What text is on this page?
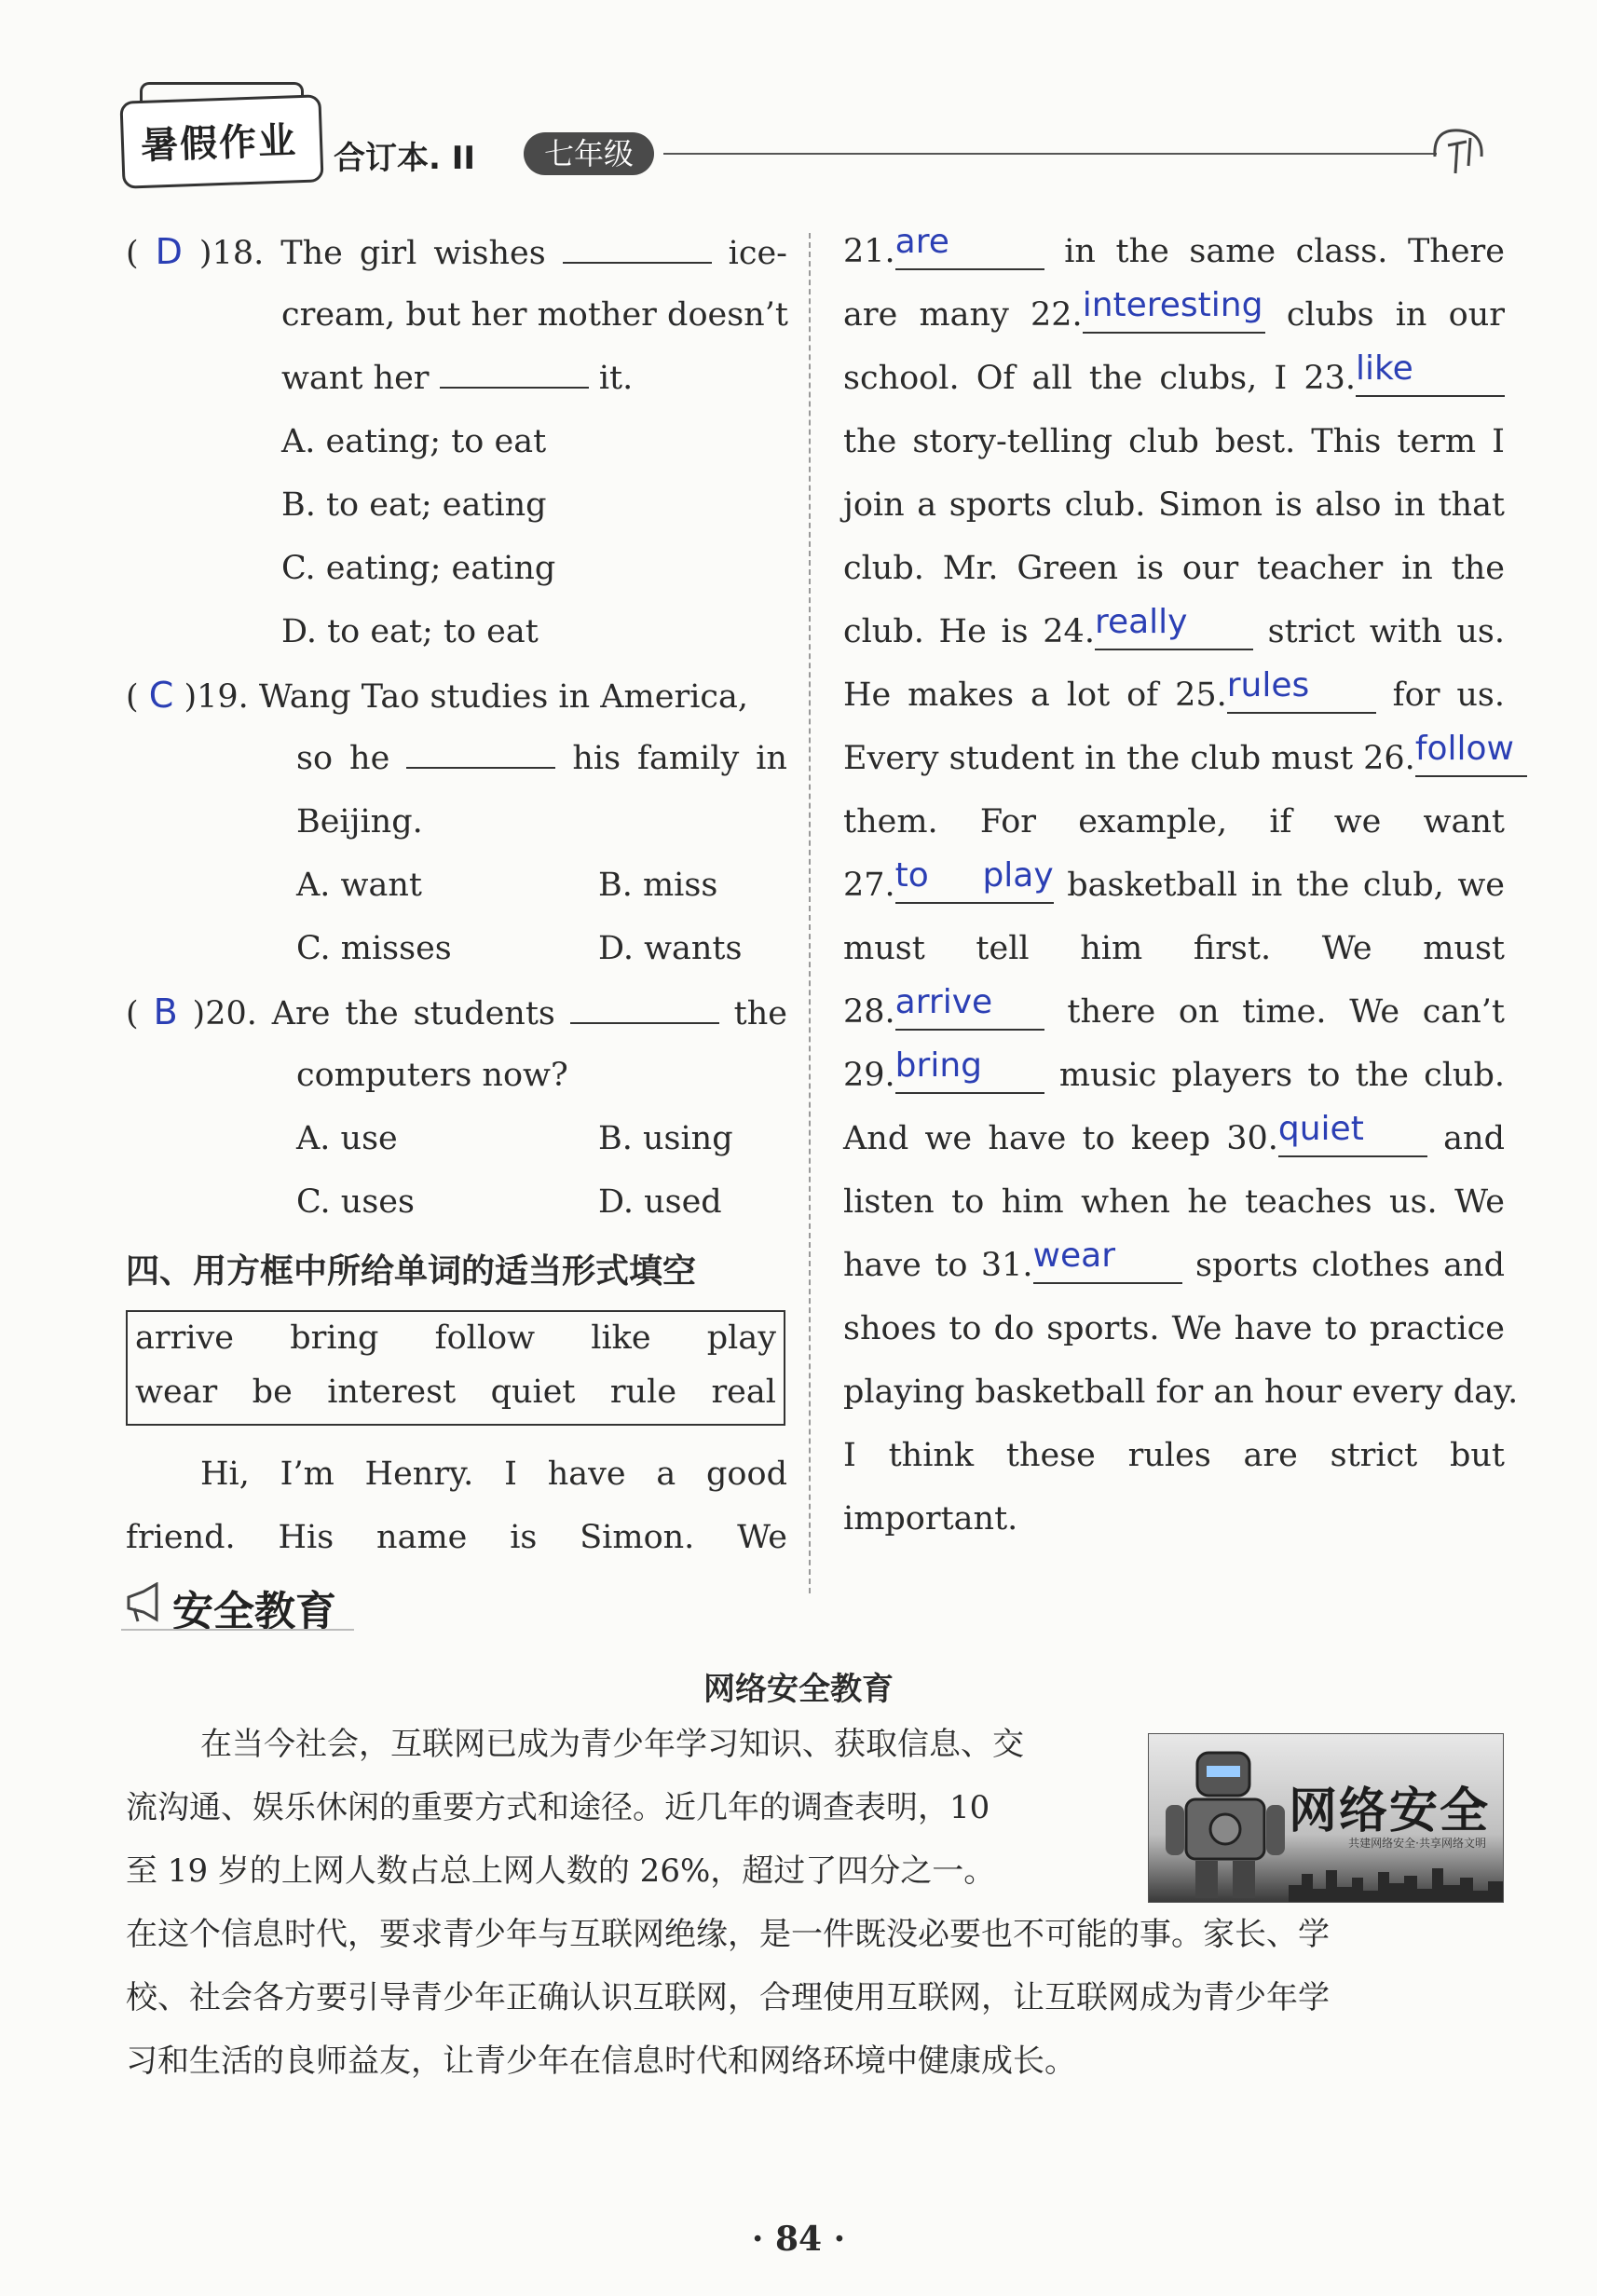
暑假作业 合订本. II	七年级
( D )18. The girl wishes	ice-
cream, but her mother doesn’t
want her	it.
A. eating; to eat
B. to eat; eating
C. eating; eating
D. to eat; to eat
( C )19. Wang Tao studies in America,
so he	his family in
Beijing.
A. want	B. miss
C. misses	D. wants
( B )20. Are the students	the
computers now?
A. use	B. using
C. uses	D. used
四、用方框中所给单词的适当形式填空
arrive bring follow like play
wear be interest quiet rule real
Hi, I’m Henry. I have a good
friend. His name is Simon. We
21.are	in the same class. There
are many 22.interesting clubs in our
school. Of all the clubs, I 23.like
the story-telling club best. This term I
join a sports club. Simon is also in that
club. Mr. Green is our teacher in the
club. He is 24.really strict with us.
He makes a lot of 25.rules	for us.
Every student in the club must 26.follow
them. For example, if we want
27.to play basketball in the club, we
must tell him first. We must
28.arrive there on time. We can’t
29.bring music players to the club.
And we have to keep 30.quiet and
listen to him when he teaches us. We
have to 31.wear sports clothes and
shoes to do sports. We have to practice
playing basketball for an hour every day.
I think these rules are strict but
important.
安全教育
网络安全教育
在当今社会，互联网已成为青少年学习知识、获取信息、交
流沟通、娱乐休闲的重要方式和途径。近几年的调查表明，10
至 19 岁的上网人数占总上网人数的 26%，超过了四分之一。
在这个信息时代，要求青少年与互联网绝缘，是一件既没必要也不可能的事。家长、学
校、社会各方要引导青少年正确认识互联网，合理使用互联网，让互联网成为青少年学
习和生活的良师益友，让青少年在信息时代和网络环境中健康成长。
网络安全
共建网络安全·共享网络文明
· 84 ·
